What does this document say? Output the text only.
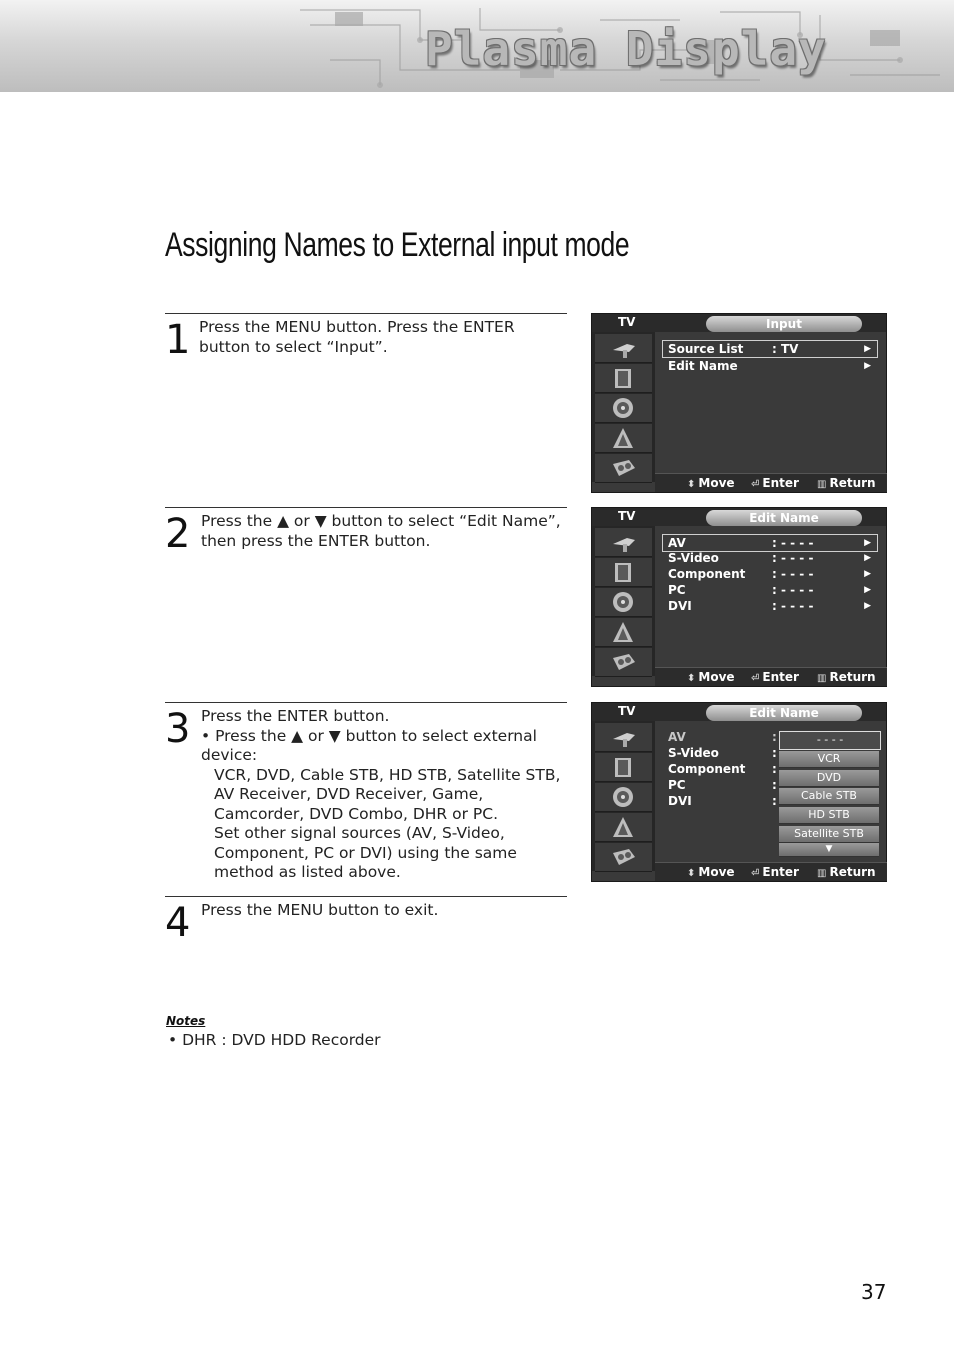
Plasma Display
Assigning Names to External input mode
1 Press the MENU button. Press the ENTER button to select “Input”.
2 Press the ▲ or ▼ button to select “Edit Name”, then press the ENTER button.
3 Press the ENTER button.

• Press the ▲ or ▼ button to select external device:

VCR, DVD, Cable STB, HD STB, Satellite STB, AV Receiver, DVD Receiver, Game, Camcorder, DVD Combo, DHR or PC.

Set other signal sources (AV, S-Video, Component, PC or DVI) using the same method as listed above.

4 Press the MENU button to exit.
TV	Input
Source List : TV	▶
Edit Name	▶
⬍ Move ⏎ Enter ▥ Return
TV	Edit Name
AV	: - - - -	▶
S-Video	: - - - -	▶
Component : - - - -	▶
PC	: - - - -	▶
DVI	: - - - -	▶
⬍ Move ⏎ Enter ▥ Return
TV	Edit Name
AV	:
S-Video	:
Component :
PC	:
DVI	:
- - - -
VCR
DVD
Cable STB
HD STB
Satellite STB
▼
⬍ Move ⏎ Enter ▥ Return
Notes
• DHR : DVD HDD Recorder
37
